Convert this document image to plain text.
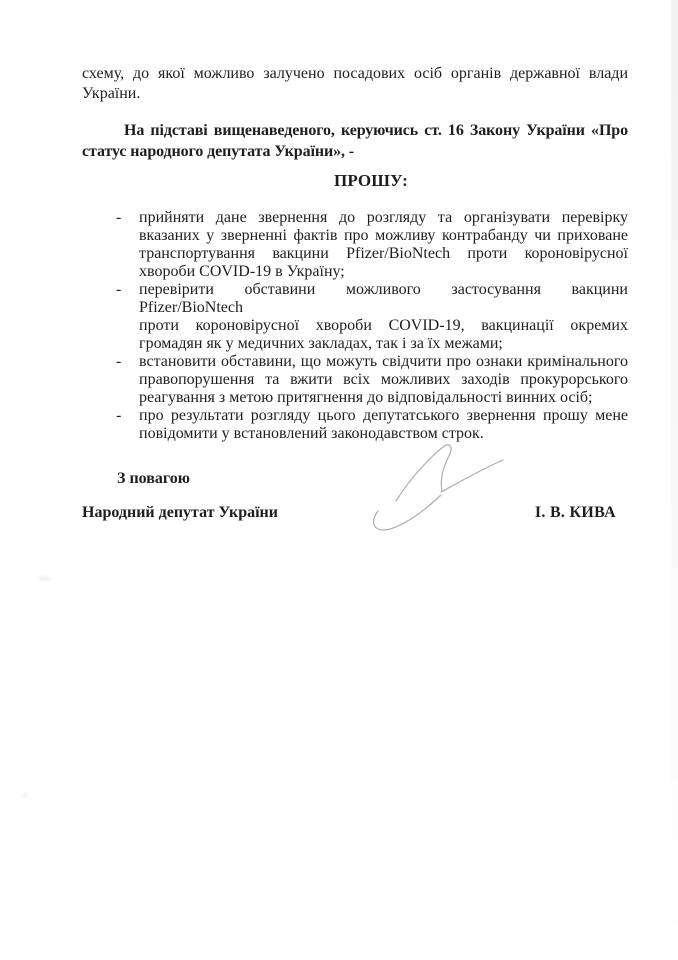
схему, до якої можливо залучено посадових осіб органів державної влади
України.
На підставі вищенаведеного, керуючись ст. 16 Закону України «Про
статус народного депутата України», -
ПРОШУ:
-	прийняти дане звернення до розгляду та організувати перевірку
вказаних у зверненні фактів про можливу контрабанду чи приховане
транспортування вакцини Pfizer/BioNtech проти короновірусної
хвороби COVID-19 в Україну;
-	перевірити обставини можливого застосування вакцини Pfizer/BioNtech
проти короновірусної хвороби COVID-19, вакцинації окремих
громадян як у медичних закладах, так і за їх межами;
-	встановити обставини, що можуть свідчити про ознаки кримінального
правопорушення та вжити всіх можливих заходів прокурорського
реагування з метою притягнення до відповідальності винних осіб;
-	про результати розгляду цього депутатського звернення прошу мене
повідомити у встановлений законодавством строк.
З повагою
Народний депутат України	І. В. КИВА
